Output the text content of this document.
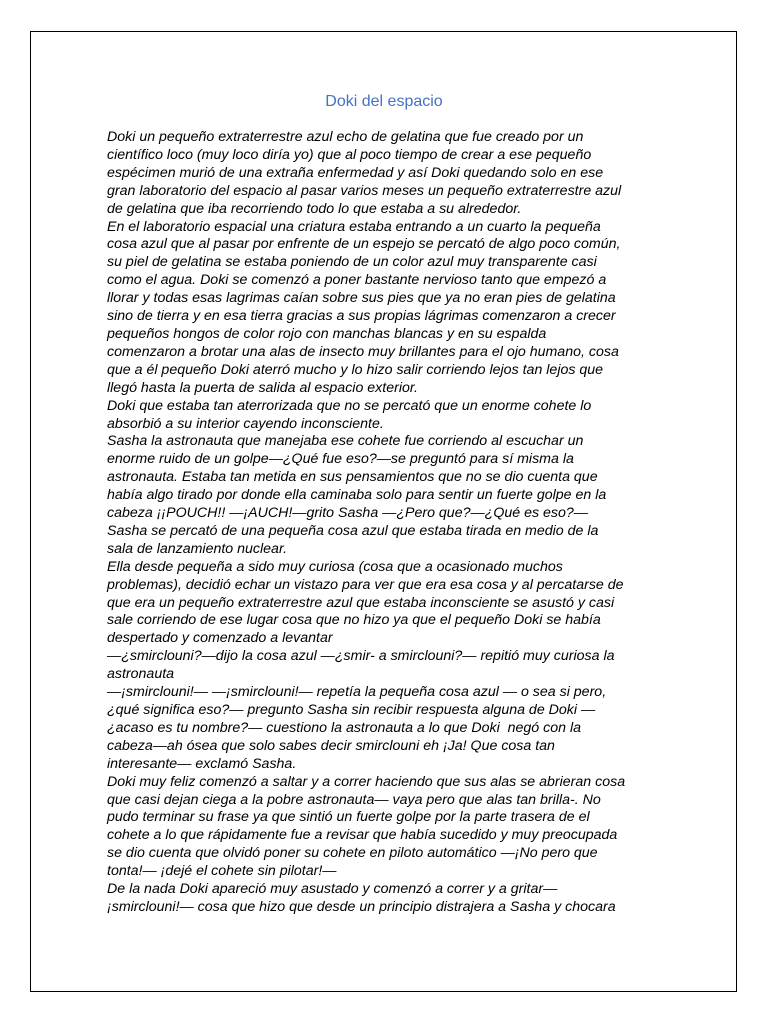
Doki del espacio
Doki un pequeño extraterrestre azul echo de gelatina que fue creado por un
científico loco (muy loco diría yo) que al poco tiempo de crear a ese pequeño
espécimen murió de una extraña enfermedad y así Doki quedando solo en ese
gran laboratorio del espacio al pasar varios meses un pequeño extraterrestre azul
de gelatina que iba recorriendo todo lo que estaba a su alrededor.
En el laboratorio espacial una criatura estaba entrando a un cuarto la pequeña
cosa azul que al pasar por enfrente de un espejo se percató de algo poco común,
su piel de gelatina se estaba poniendo de un color azul muy transparente casi
como el agua. Doki se comenzó a poner bastante nervioso tanto que empezó a
llorar y todas esas lagrimas caían sobre sus pies que ya no eran pies de gelatina
sino de tierra y en esa tierra gracias a sus propias lágrimas comenzaron a crecer
pequeños hongos de color rojo con manchas blancas y en su espalda
comenzaron a brotar una alas de insecto muy brillantes para el ojo humano, cosa
que a él pequeño Doki aterró mucho y lo hizo salir corriendo lejos tan lejos que
llegó hasta la puerta de salida al espacio exterior.
Doki que estaba tan aterrorizada que no se percató que un enorme cohete lo
absorbió a su interior cayendo inconsciente.
Sasha la astronauta que manejaba ese cohete fue corriendo al escuchar un
enorme ruido de un golpe—¿Qué fue eso?—se preguntó para sí misma la
astronauta. Estaba tan metida en sus pensamientos que no se dio cuenta que
había algo tirado por donde ella caminaba solo para sentir un fuerte golpe en la
cabeza ¡¡POUCH!! —¡AUCH!—grito Sasha —¿Pero que?—¿Qué es eso?—
Sasha se percató de una pequeña cosa azul que estaba tirada en medio de la
sala de lanzamiento nuclear.
Ella desde pequeña a sido muy curiosa (cosa que a ocasionado muchos
problemas), decidió echar un vistazo para ver que era esa cosa y al percatarse de
que era un pequeño extraterrestre azul que estaba inconsciente se asustó y casi
sale corriendo de ese lugar cosa que no hizo ya que el pequeño Doki se había
despertado y comenzado a levantar
—¿smirclouni?—dijo la cosa azul —¿smir- a smirclouni?— repitió muy curiosa la
astronauta
—¡smirclouni!— —¡smirclouni!— repetía la pequeña cosa azul — o sea si pero,
¿qué significa eso?— pregunto Sasha sin recibir respuesta alguna de Doki —
¿acaso es tu nombre?— cuestiono la astronauta a lo que Doki  negó con la
cabeza—ah ósea que solo sabes decir smirclouni eh ¡Ja! Que cosa tan
interesante— exclamó Sasha.
Doki muy feliz comenzó a saltar y a correr haciendo que sus alas se abrieran cosa
que casi dejan ciega a la pobre astronauta— vaya pero que alas tan brilla-. No
pudo terminar su frase ya que sintió un fuerte golpe por la parte trasera de el
cohete a lo que rápidamente fue a revisar que había sucedido y muy preocupada
se dio cuenta que olvidó poner su cohete en piloto automático —¡No pero que
tonta!— ¡dejé el cohete sin pilotar!—
De la nada Doki apareció muy asustado y comenzó a correr y a gritar—
¡smirclouni!— cosa que hizo que desde un principio distrajera a Sasha y chocara
